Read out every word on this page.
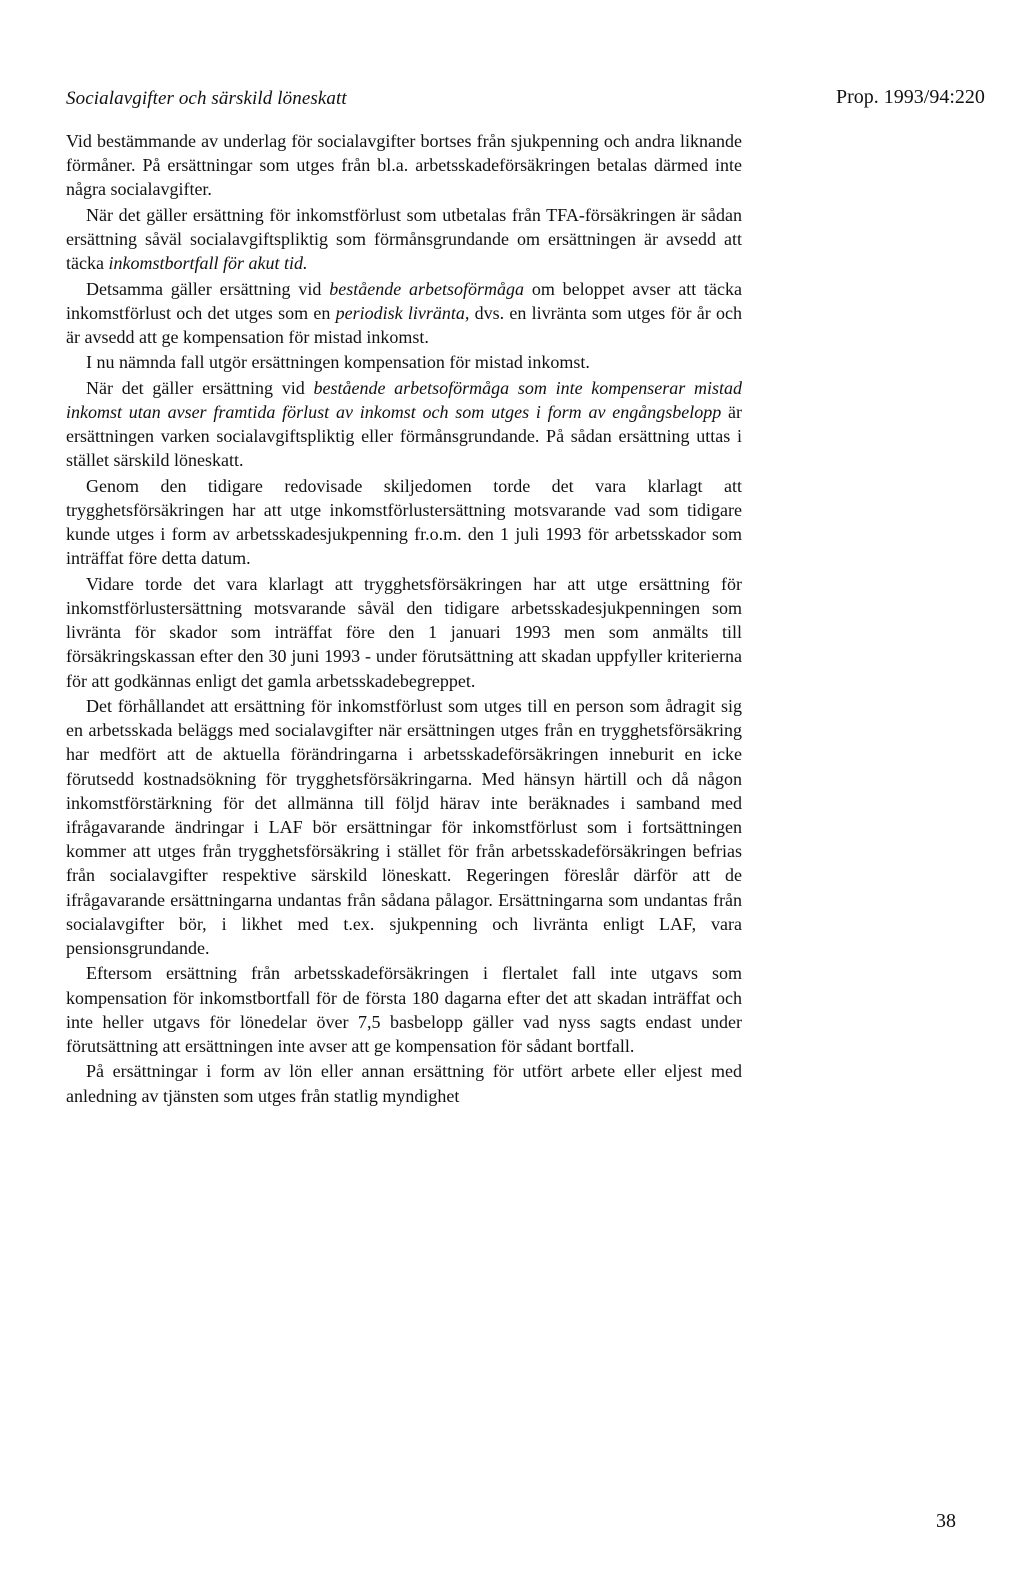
Socialavgifter och särskild löneskatt	Prop. 1993/94:220

Vid bestämmande av underlag för socialavgifter bortses från sjukpenning och andra liknande förmåner. På ersättningar som utges från bl.a. arbetsskadeförsäkringen betalas därmed inte några socialavgifter.

När det gäller ersättning för inkomstförlust som utbetalas från TFA-försäkringen är sådan ersättning såväl socialavgiftspliktig som förmånsgrundande om ersättningen är avsedd att täcka inkomstbortfall för akut tid.

Detsamma gäller ersättning vid bestående arbetsoförmåga om beloppet avser att täcka inkomstförlust och det utges som en periodisk livränta, dvs. en livränta som utges för år och är avsedd att ge kompensation för mistad inkomst.

I nu nämnda fall utgör ersättningen kompensation för mistad inkomst.

När det gäller ersättning vid bestående arbetsoförmåga som inte kompenserar mistad inkomst utan avser framtida förlust av inkomst och som utges i form av engångsbelopp är ersättningen varken socialavgiftspliktig eller förmånsgrundande. På sådan ersättning uttas i stället särskild löneskatt.

Genom den tidigare redovisade skiljedomen torde det vara klarlagt att trygghetsförsäkringen har att utge inkomstförlustersättning motsvarande vad som tidigare kunde utges i form av arbetsskadesjukpenning fr.o.m. den 1 juli 1993 för arbetsskador som inträffat före detta datum.

Vidare torde det vara klarlagt att trygghetsförsäkringen har att utge ersättning för inkomstförlustersättning motsvarande såväl den tidigare arbetsskadesjukpenningen som livränta för skador som inträffat före den 1 januari 1993 men som anmälts till försäkringskassan efter den 30 juni 1993 - under förutsättning att skadan uppfyller kriterierna för att godkännas enligt det gamla arbetsskadebegreppet.

Det förhållandet att ersättning för inkomstförlust som utges till en person som ådragit sig en arbetsskada beläggs med socialavgifter när ersättningen utges från en trygghetsförsäkring har medfört att de aktuella förändringarna i arbetsskadeförsäkringen inneburit en icke förutsedd kostnadsökning för trygghetsförsäkringarna. Med hänsyn härtill och då någon inkomstförstärkning för det allmänna till följd härav inte beräknades i samband med ifrågavarande ändringar i LAF bör ersättningar för inkomstförlust som i fortsättningen kommer att utges från trygghetsförsäkring i stället för från arbetsskadeförsäkringen befrias från socialavgifter respektive särskild löneskatt. Regeringen föreslår därför att de ifrågavarande ersättningarna undantas från sådana pålagor. Ersättningarna som undantas från socialavgifter bör, i likhet med t.ex. sjukpenning och livränta enligt LAF, vara pensionsgrundande.

Eftersom ersättning från arbetsskadeförsäkringen i flertalet fall inte utgavs som kompensation för inkomstbortfall för de första 180 dagarna efter det att skadan inträffat och inte heller utgavs för lönedelar över 7,5 basbelopp gäller vad nyss sagts endast under förutsättning att ersättningen inte avser att ge kompensation för sådant bortfall.

På ersättningar i form av lön eller annan ersättning för utfört arbete eller eljest med anledning av tjänsten som utges från statlig myndighet

38
